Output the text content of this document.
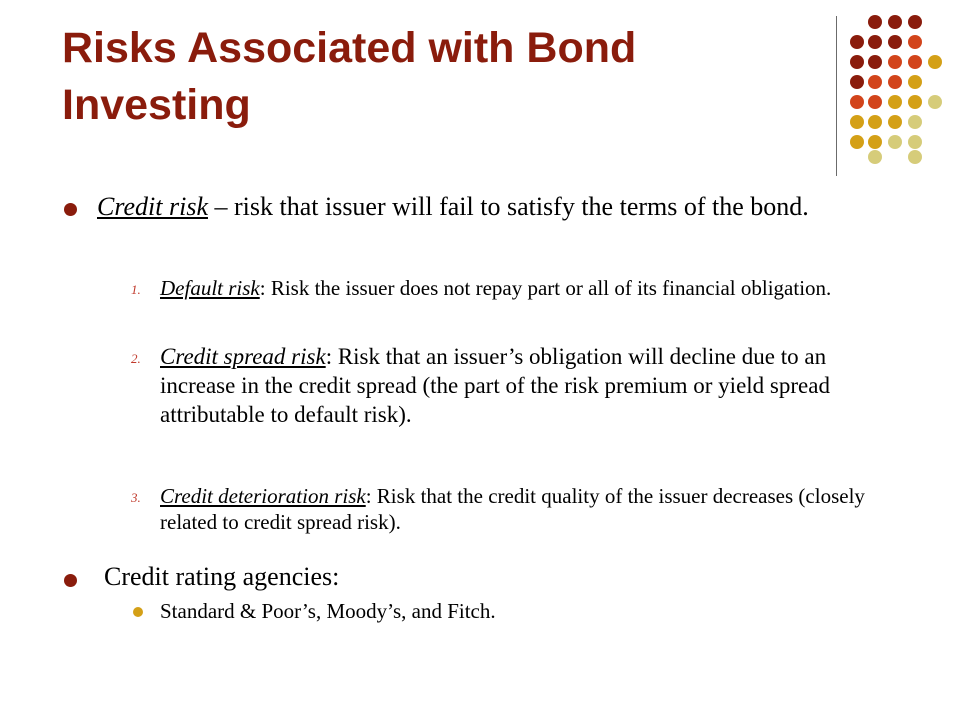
Risks Associated with Bond Investing
Credit risk – risk that issuer will fail to satisfy the terms of the bond.
1. Default risk: Risk the issuer does not repay part or all of its financial obligation.
2. Credit spread risk: Risk that an issuer’s obligation will decline due to an increase in the credit spread (the part of the risk premium or yield spread attributable to default risk).
3. Credit deterioration risk: Risk that the credit quality of the issuer decreases (closely related to credit spread risk).
Credit rating agencies:
Standard & Poor’s, Moody’s, and Fitch.
